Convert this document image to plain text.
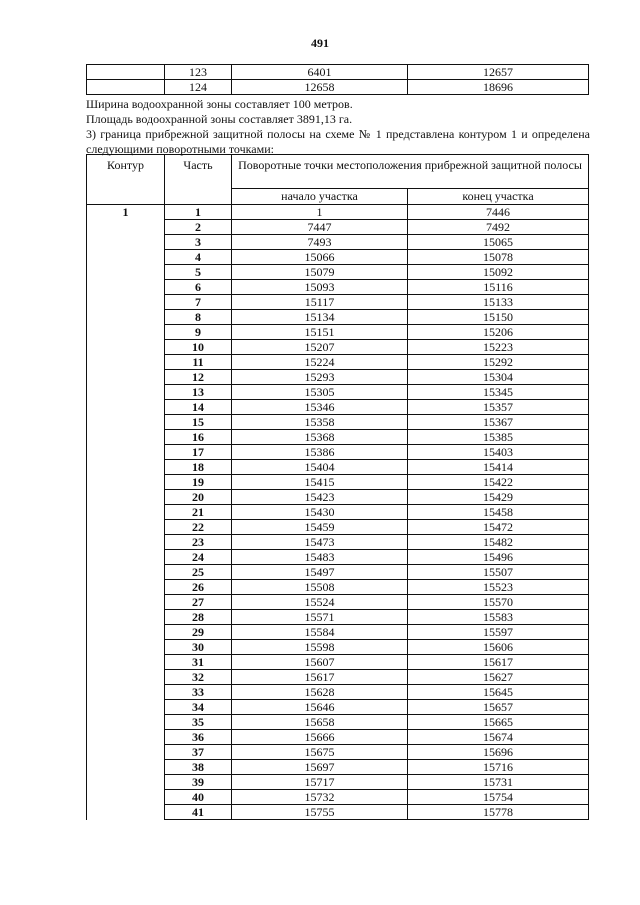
491
	123	6401	12657
	124	12658	18696
Ширина водоохранной зоны составляет 100 метров.
Площадь водоохранной зоны составляет 3891,13 га.
3) граница прибрежной защитной полосы на схеме № 1 представлена контуром 1 и определена следующими поворотными точками:
Контур	Часть	Поворотные точки местоположения прибрежной защитной полосы	
		начало участка	конец участка
1	1	1	7446
	2	7447	7492
	3	7493	15065
	4	15066	15078
	5	15079	15092
	6	15093	15116
	7	15117	15133
	8	15134	15150
	9	15151	15206
	10	15207	15223
	11	15224	15292
	12	15293	15304
	13	15305	15345
	14	15346	15357
	15	15358	15367
	16	15368	15385
	17	15386	15403
	18	15404	15414
	19	15415	15422
	20	15423	15429
	21	15430	15458
	22	15459	15472
	23	15473	15482
	24	15483	15496
	25	15497	15507
	26	15508	15523
	27	15524	15570
	28	15571	15583
	29	15584	15597
	30	15598	15606
	31	15607	15617
	32	15617	15627
	33	15628	15645
	34	15646	15657
	35	15658	15665
	36	15666	15674
	37	15675	15696
	38	15697	15716
	39	15717	15731
	40	15732	15754
	41	15755	15778
